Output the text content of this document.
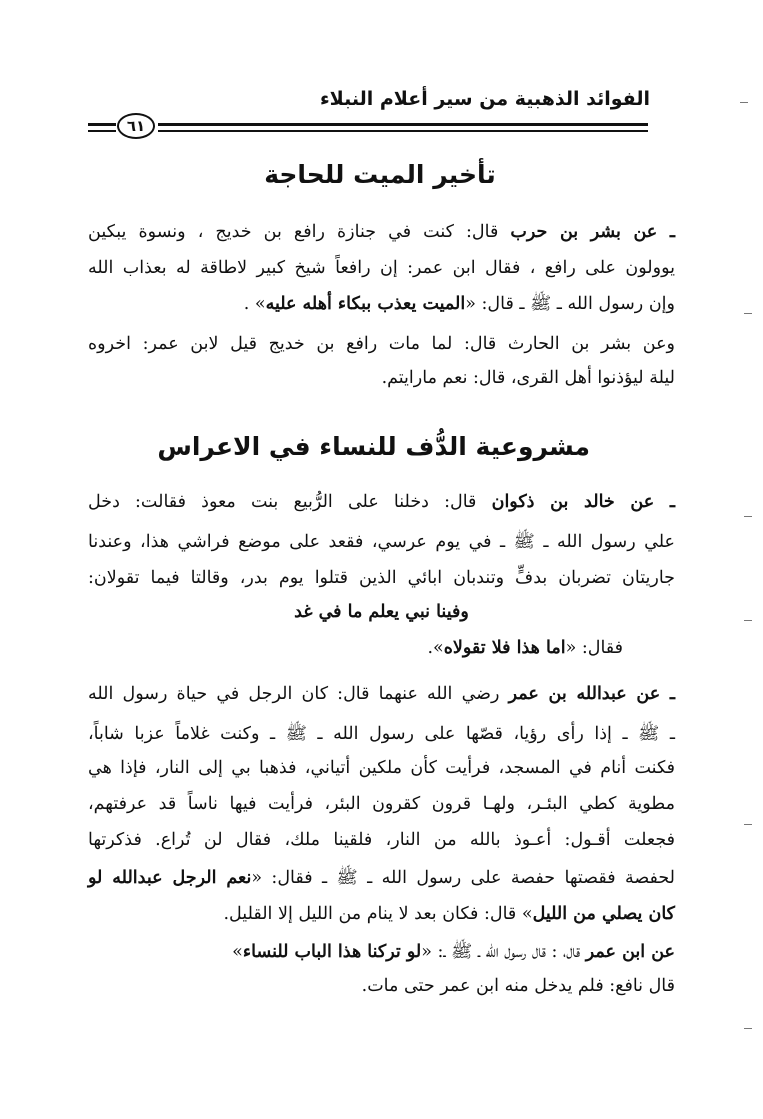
الفوائد الذهبية من سير أعلام النبلاء
٦١
تأخير الميت للحاجة
ـ عن بشر بن حرب قال: كنت في جنازة رافع بن خديج ، ونسوة يبكين
يوولون على رافع ، فقال ابن عمر: إن رافعاً شيخ كبير لاطاقة له بعذاب الله
وإن رسول الله ـ ﷺ ـ قال: «الميت يعذب ببكاء أهله عليه» .
وعن بشر بن الحارث قال: لما مات رافع بن خديج قيل لابن عمر: اخروه
ليلة ليؤذنوا أهل القرى، قال: نعم مارايتم.
مشروعية الدُّف للنساء في الاعراس
ـ عن خالد بن ذكوان قال: دخلنا على الرُّبيع بنت معوذ فقالت: دخل
علي رسول الله ـ ﷺ ـ في يوم عرسي، فقعد على موضع فراشي هذا، وعندنا
جاريتان تضربان بدفٍّ وتندبان ابائي الذين قتلوا يوم بدر، وقالتا فيما تقولان:
وفينا نبي يعلم ما في غد
فقال: «اما هذا فلا تقولاه».
ـ عن عبدالله بن عمر رضي الله عنهما قال: كان الرجل في حياة رسول الله
ـ ﷺ ـ إذا رأى رؤيا، قصّها على رسول الله ـ ﷺ ـ وكنت غلاماً عزبا شاباً،
فكنت أنام في المسجد، فرأيت كأن ملكين أتياني، فذهبا بي إلى النار، فإذا هي
مطوية كطي البئـر، ولهـا قرون كقرون البئر، فرأيت فيها ناساً قد عرفتهم،
فجعلت أقـول: أعـوذ بالله من النار، فلقينا ملك، فقال لن تُراع. فذكرتها
لحفصة فقصتها حفصة على رسول الله ـ ﷺ ـ فقال: «نعم الرجل عبدالله لو
كان يصلي من الليل» قال: فكان بعد لا ينام من الليل إلا القليل.
عن ابن عمر قال، : قال رسول الله ـ ﷺ ـ: «لو تركنا هذا الباب للنساء»
قال نافع: فلم يدخل منه ابن عمر حتى مات.
